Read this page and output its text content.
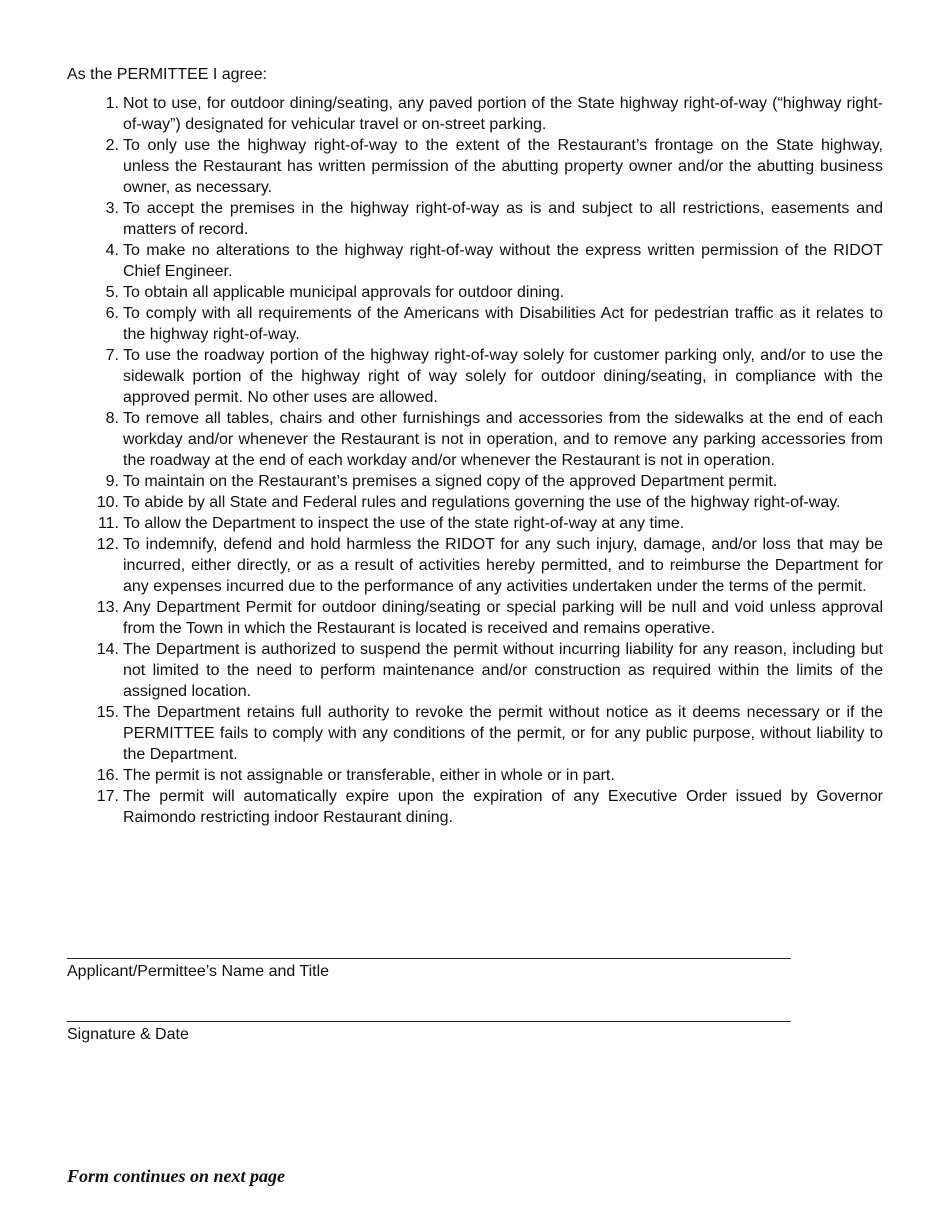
As the PERMITTEE I agree:

1. Not to use, for outdoor dining/seating, any paved portion of the State highway right-of-way (“highway right-of-way”) designated for vehicular travel or on-street parking.
2. To only use the highway right-of-way to the extent of the Restaurant’s frontage on the State highway, unless the Restaurant has written permission of the abutting property owner and/or the abutting business owner, as necessary.
3. To accept the premises in the highway right-of-way as is and subject to all restrictions, easements and matters of record.
4. To make no alterations to the highway right-of-way without the express written permission of the RIDOT Chief Engineer.
5. To obtain all applicable municipal approvals for outdoor dining.
6. To comply with all requirements of the Americans with Disabilities Act for pedestrian traffic as it relates to the highway right-of-way.
7. To use the roadway portion of the highway right-of-way solely for customer parking only, and/or to use the sidewalk portion of the highway right of way solely for outdoor dining/seating, in compliance with the approved permit. No other uses are allowed.
8. To remove all tables, chairs and other furnishings and accessories from the sidewalks at the end of each workday and/or whenever the Restaurant is not in operation, and to remove any parking accessories from the roadway at the end of each workday and/or whenever the Restaurant is not in operation.
9. To maintain on the Restaurant’s premises a signed copy of the approved Department permit.
10. To abide by all State and Federal rules and regulations governing the use of the highway right-of-way.
11. To allow the Department to inspect the use of the state right-of-way at any time.
12. To indemnify, defend and hold harmless the RIDOT for any such injury, damage, and/or loss that may be incurred, either directly, or as a result of activities hereby permitted, and to reimburse the Department for any expenses incurred due to the performance of any activities undertaken under the terms of the permit.
13. Any Department Permit for outdoor dining/seating or special parking will be null and void unless approval from the Town in which the Restaurant is located is received and remains operative.
14. The Department is authorized to suspend the permit without incurring liability for any reason, including but not limited to the need to perform maintenance and/or construction as required within the limits of the assigned location.
15. The Department retains full authority to revoke the permit without notice as it deems necessary or if the PERMITTEE fails to comply with any conditions of the permit, or for any public purpose, without liability to the Department.
16. The permit is not assignable or transferable, either in whole or in part.
17. The permit will automatically expire upon the expiration of any Executive Order issued by Governor Raimondo restricting indoor Restaurant dining.
Applicant/Permittee’s Name and Title
Signature & Date
Form continues on next page
